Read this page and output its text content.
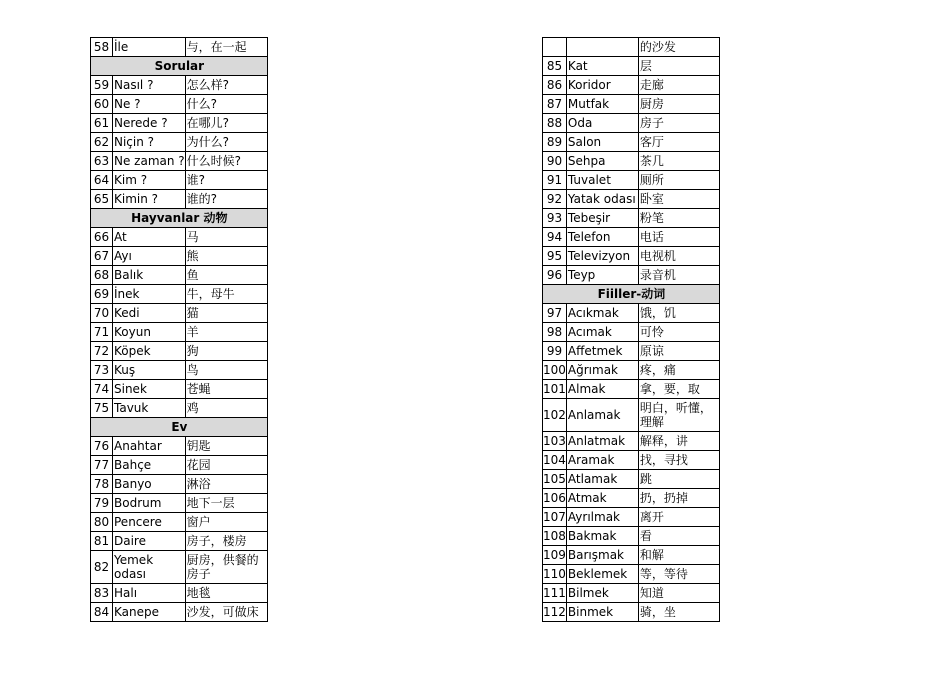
58	İle	与，在一起
Sorular		
59	Nasıl ?	怎么样?
60	Ne ?	什么?
61	Nerede ?	在哪儿?
62	Niçin ?	为什么?
63	Ne zaman ?	什么时候?
64	Kim ?	谁?
65	Kimin ?	谁的?
Hayvanlar 动物		
66	At	马
67	Ayı	熊
68	Balık	鱼
69	İnek	牛，母牛
70	Kedi	猫
71	Koyun	羊
72	Köpek	狗
73	Kuş	鸟
74	Sinek	苍蝇
75	Tavuk	鸡
Ev		
76	Anahtar	钥匙
77	Bahçe	花园
78	Banyo	淋浴
79	Bodrum	地下一层
80	Pencere	窗户
81	Daire	房子，楼房
82	Yemek odası	厨房，供餐的房子
83	Halı	地毯
84	Kanepe	沙发，可做床
		的沙发
85	Kat	层
86	Koridor	走廊
87	Mutfak	厨房
88	Oda	房子
89	Salon	客厅
90	Sehpa	茶几
91	Tuvalet	厕所
92	Yatak odası	卧室
93	Tebeşir	粉笔
94	Telefon	电话
95	Televizyon	电视机
96	Teyp	录音机
Fiiller-动词		
97	Acıkmak	饿，饥
98	Acımak	可怜
99	Affetmek	原谅
100	Ağrımak	疼，痛
101	Almak	拿，要，取
102	Anlamak	明白，听懂，理解
103	Anlatmak	解释，讲
104	Aramak	找，寻找
105	Atlamak	跳
106	Atmak	扔，扔掉
107	Ayrılmak	离开
108	Bakmak	看
109	Barışmak	和解
110	Beklemek	等，等待
111	Bilmek	知道
112	Binmek	骑，坐
